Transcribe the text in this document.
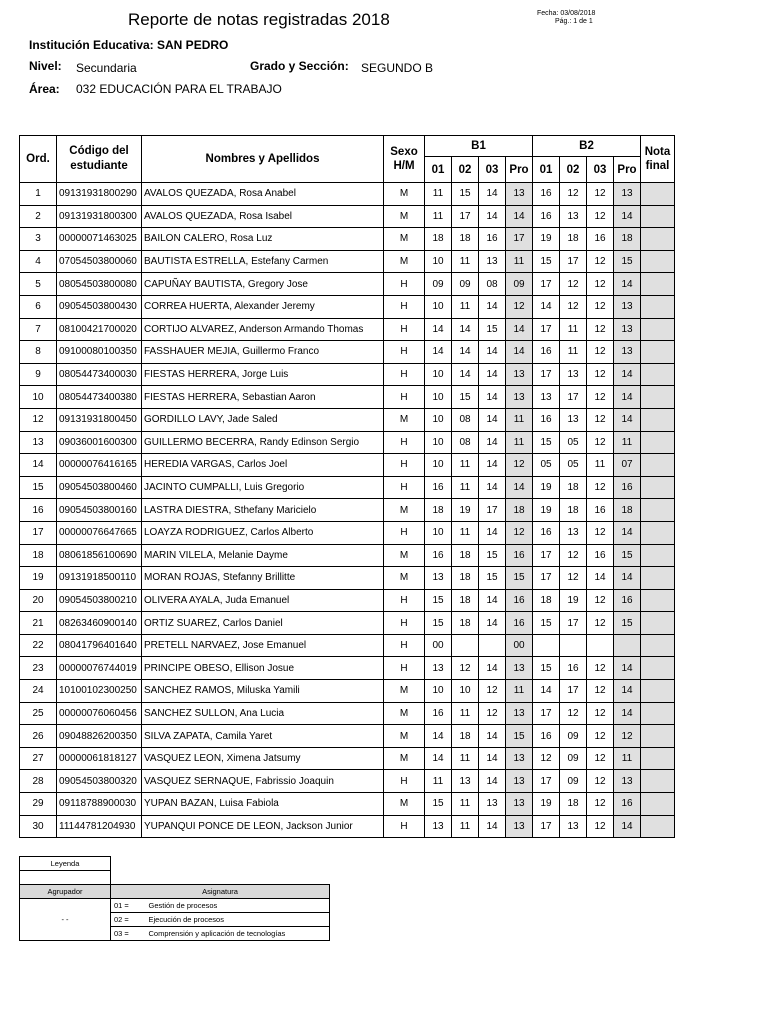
Reporte de notas registradas 2018	Fecha: 03/08/2018
Pág.: 1 de 1
Institución Educativa: SAN PEDRO
Nivel: Secundaria	Grado y Sección: SEGUNDO B
Área: 032 EDUCACIÓN PARA EL TRABAJO
Ord.	Código del estudiante	Nombres y Apellidos	Sexo H/M	B1				B2				Nota final
				01	02	03	Pro	01	02	03	Pro	
1	09131931800290	AVALOS QUEZADA, Rosa Anabel	M	11	15	14	13	16	12	12	13	
2	09131931800300	AVALOS QUEZADA, Rosa Isabel	M	11	17	14	14	16	13	12	14	
3	00000071463025	BAILON CALERO, Rosa Luz	M	18	18	16	17	19	18	16	18	
4	07054503800060	BAUTISTA ESTRELLA, Estefany Carmen	M	10	11	13	11	15	17	12	15	
5	08054503800080	CAPUÑAY BAUTISTA, Gregory Jose	H	09	09	08	09	17	12	12	14	
6	09054503800430	CORREA HUERTA, Alexander Jeremy	H	10	11	14	12	14	12	12	13	
7	08100421700020	CORTIJO ALVAREZ, Anderson Armando Thomas	H	14	14	15	14	17	11	12	13	
8	09100080100350	FASSHAUER MEJIA, Guillermo Franco	H	14	14	14	14	16	11	12	13	
9	08054473400030	FIESTAS HERRERA, Jorge Luis	H	10	14	14	13	17	13	12	14	
10	08054473400380	FIESTAS HERRERA, Sebastian Aaron	H	10	15	14	13	13	17	12	14	
12	09131931800450	GORDILLO LAVY, Jade Saled	M	10	08	14	11	16	13	12	14	
13	09036001600300	GUILLERMO BECERRA, Randy Edinson Sergio	H	10	08	14	11	15	05	12	11	
14	00000076416165	HEREDIA VARGAS, Carlos Joel	H	10	11	14	12	05	05	11	07	
15	09054503800460	JACINTO CUMPALLI, Luis Gregorio	H	16	11	14	14	19	18	12	16	
16	09054503800160	LASTRA DIESTRA, Sthefany Maricielo	M	18	19	17	18	19	18	16	18	
17	00000076647665	LOAYZA RODRIGUEZ, Carlos Alberto	H	10	11	14	12	16	13	12	14	
18	08061856100690	MARIN VILELA, Melanie Dayme	M	16	18	15	16	17	12	16	15	
19	09131918500110	MORAN ROJAS, Stefanny Brillitte	M	13	18	15	15	17	12	14	14	
20	09054503800210	OLIVERA AYALA, Juda Emanuel	H	15	18	14	16	18	19	12	16	
21	08263460900140	ORTIZ SUAREZ, Carlos Daniel	H	15	18	14	16	15	17	12	15	
22	08041796401640	PRETELL NARVAEZ, Jose Emanuel	H	00			00					
23	00000076744019	PRINCIPE OBESO, Ellison Josue	H	13	12	14	13	15	16	12	14	
24	10100102300250	SANCHEZ RAMOS, Miluska Yamili	M	10	10	12	11	14	17	12	14	
25	00000076060456	SANCHEZ SULLON, Ana Lucia	M	16	11	12	13	17	12	12	14	
26	09048826200350	SILVA ZAPATA, Camila Yaret	M	14	18	14	15	16	09	12	12	
27	00000061818127	VASQUEZ LEON, Ximena Jatsumy	M	14	11	14	13	12	09	12	11	
28	09054503800320	VASQUEZ SERNAQUE, Fabrissio Joaquin	H	11	13	14	13	17	09	12	13	
29	09118788900030	YUPAN BAZAN, Luisa Fabiola	M	15	11	13	13	19	18	12	16	
30	11144781204930	YUPANQUI PONCE DE LEON, Jackson Junior	H	13	11	14	13	17	13	12	14	
Leyenda		

Agrupador	Asignatura	
- -	01 =	Gestión de procesos
	02 =	Ejecución de procesos
	03 =	Comprensión y aplicación de tecnologías
